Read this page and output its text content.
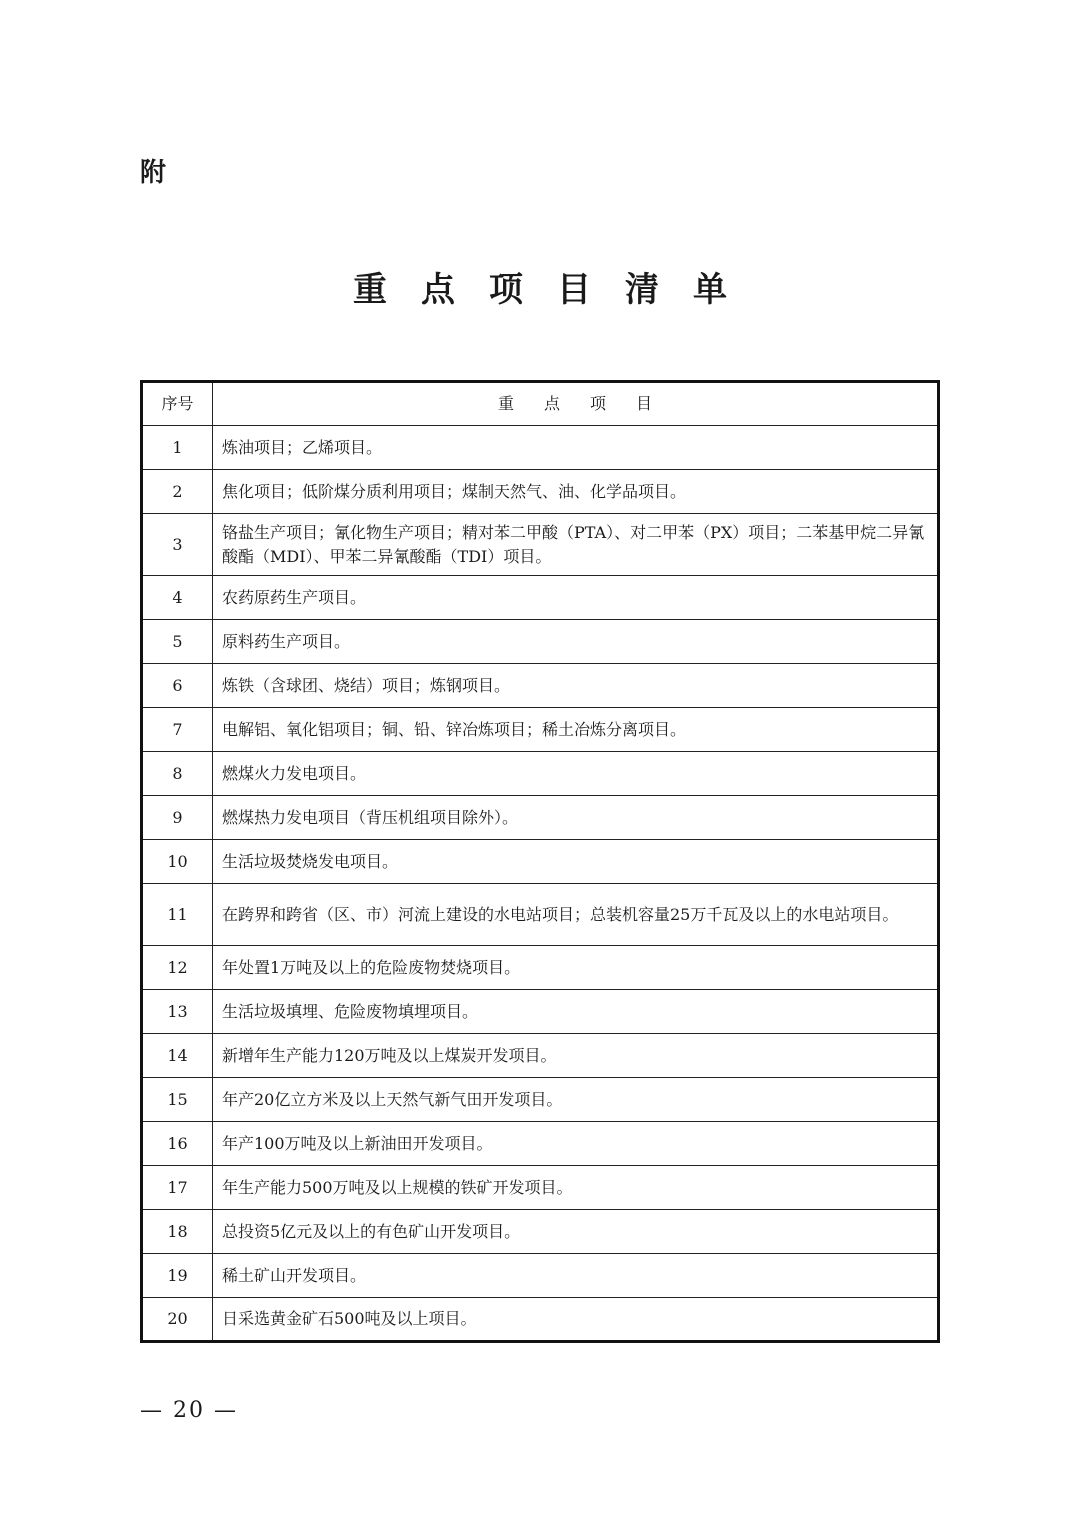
附
重点项目清单
序号	重点项目
1	炼油项目；乙烯项目。
2	焦化项目；低阶煤分质利用项目；煤制天然气、油、化学品项目。
3	铬盐生产项目；氰化物生产项目；精对苯二甲酸（PTA）、对二甲苯（PX）项目；二苯基甲烷二异氰酸酯（MDI）、甲苯二异氰酸酯（TDI）项目。
4	农药原药生产项目。
5	原料药生产项目。
6	炼铁（含球团、烧结）项目；炼钢项目。
7	电解铝、氧化铝项目；铜、铅、锌冶炼项目；稀土冶炼分离项目。
8	燃煤火力发电项目。
9	燃煤热力发电项目（背压机组项目除外）。
10	生活垃圾焚烧发电项目。
11	在跨界和跨省（区、市）河流上建设的水电站项目；总装机容量25万千瓦及以上的水电站项目。
12	年处置1万吨及以上的危险废物焚烧项目。
13	生活垃圾填埋、危险废物填埋项目。
14	新增年生产能力120万吨及以上煤炭开发项目。
15	年产20亿立方米及以上天然气新气田开发项目。
16	年产100万吨及以上新油田开发项目。
17	年生产能力500万吨及以上规模的铁矿开发项目。
18	总投资5亿元及以上的有色矿山开发项目。
19	稀土矿山开发项目。
20	日采选黄金矿石500吨及以上项目。
— 20 —
